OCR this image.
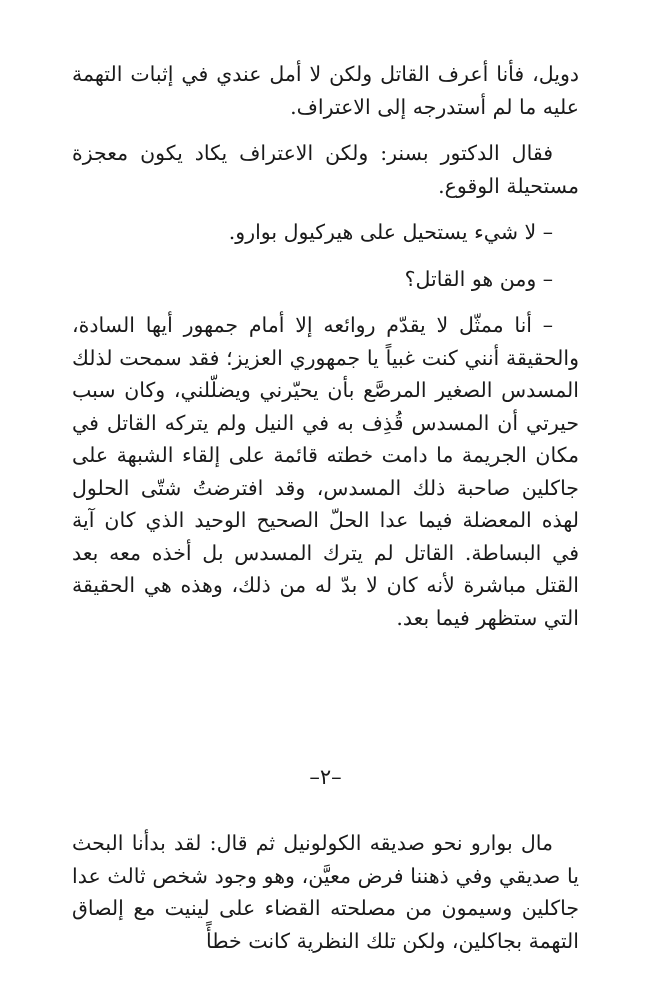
دويل، فأنا أعرف القاتل ولكن لا أمل عندي في إثبات التهمة عليه ما لم أستدرجه إلى الاعتراف.

فقال الدكتور بسنر: ولكن الاعتراف يكاد يكون معجزة مستحيلة الوقوع.

– لا شيء يستحيل على هيركيول بوارو.

– ومن هو القاتل؟

– أنا ممثّل لا يقدّم روائعه إلا أمام جمهور أيها السادة، والحقيقة أنني كنت غبياً يا جمهوري العزيز؛ فقد سمحت لذلك المسدس الصغير المرصَّع بأن يحيّرني ويضلّلني، وكان سبب حيرتي أن المسدس قُذِف به في النيل ولم يتركه القاتل في مكان الجريمة ما دامت خطته قائمة على إلقاء الشبهة على جاكلين صاحبة ذلك المسدس، وقد افترضتُ شتّى الحلول لهذه المعضلة فيما عدا الحلّ الصحيح الوحيد الذي كان آية في البساطة. القاتل لم يترك المسدس بل أخذه معه بعد القتل مباشرة لأنه كان لا بدّ له من ذلك، وهذه هي الحقيقة التي ستظهر فيما بعد.

–٢–

مال بوارو نحو صديقه الكولونيل ثم قال: لقد بدأنا البحث يا صديقي وفي ذهننا فرض معيَّن، وهو وجود شخص ثالث عدا جاكلين وسيمون من مصلحته القضاء على لينيت مع إلصاق التهمة بجاكلين، ولكن تلك النظرية كانت خطأً
